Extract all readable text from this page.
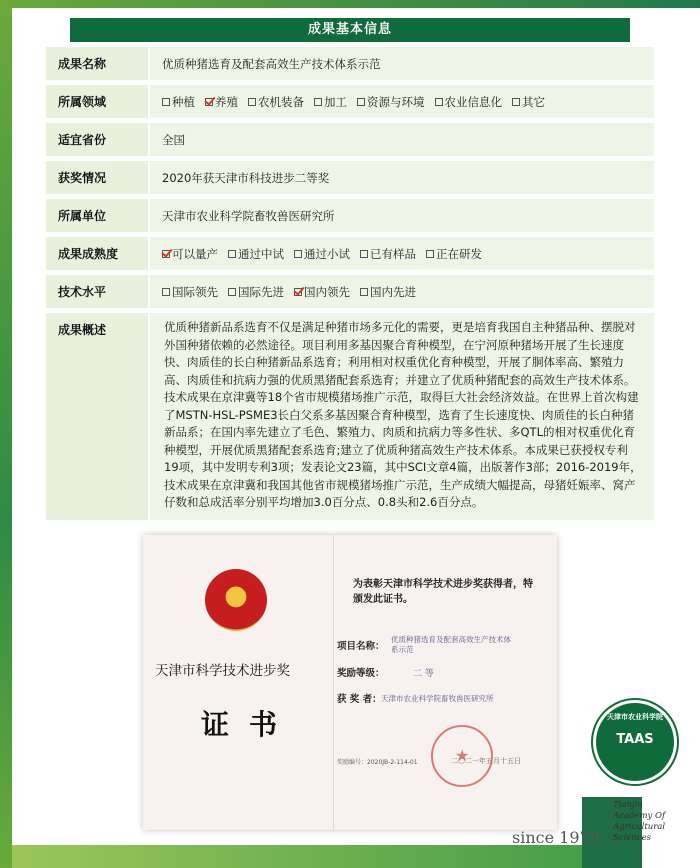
成果基本信息
成果名称	优质种猪选育及配套高效生产技术体系示范
所属领域	种植 养殖 农机装备 加工 资源与环境 农业信息化 其它
适宜省份	全国
获奖情况	2020年获天津市科技进步二等奖
所属单位	天津市农业科学院畜牧兽医研究所
成果成熟度	可以量产 通过中试 通过小试 已有样品 正在研发
技术水平	国际领先 国际先进 国内领先 国内先进
成果概述	优质种猪新品系选育不仅是满足种猪市场多元化的需要，更是培育我国自主种猪品种、摆脱对外国种猪依赖的必然途径。项目利用多基因聚合育种模型，在宁河原种猪场开展了生长速度快、肉质佳的长白种猪新品系选育；利用相对权重优化育种模型，开展了胴体率高、繁殖力高、肉质佳和抗病力强的优质黑猪配套系选育；并建立了优质种猪配套的高效生产技术体系。技术成果在京津冀等18个省市规模猪场推广示范，取得巨大社会经济效益。在世界上首次构建了MSTN-HSL-PSME3长白父系多基因聚合育种模型，选育了生长速度快、肉质佳的长白种猪新品系；在国内率先建立了毛色、繁殖力、肉质和抗病力等多性状、多QTL的相对权重优化育种模型，开展优质黑猪配套系选育;建立了优质种猪高效生产技术体系。本成果已获授权专利19项，其中发明专利3项；发表论文23篇，其中SCI文章4篇，出版著作3部；2016-2019年，技术成果在京津冀和我国其他省市规模猪场推广示范，生产成绩大幅提高，母猪妊娠率、窝产仔数和总成活率分别平均增加3.0百分点、0.8头和2.6百分点。
天津市科学技术进步奖
证书
为表彰天津市科学技术进步奖获得者，特颁发此证书。
项目名称：
优质种猪选育及配套高效生产技术体系示范
奖励等级：	二 等
获 奖 者： 天津市农业科学院畜牧兽医研究所
★
二〇二一年五月十五日
奖励编号：2020JB-2-114-01
天津市农业科学院
TAAS
Tianjin
Academy Of
Agricultural
Sciences
since 1979
